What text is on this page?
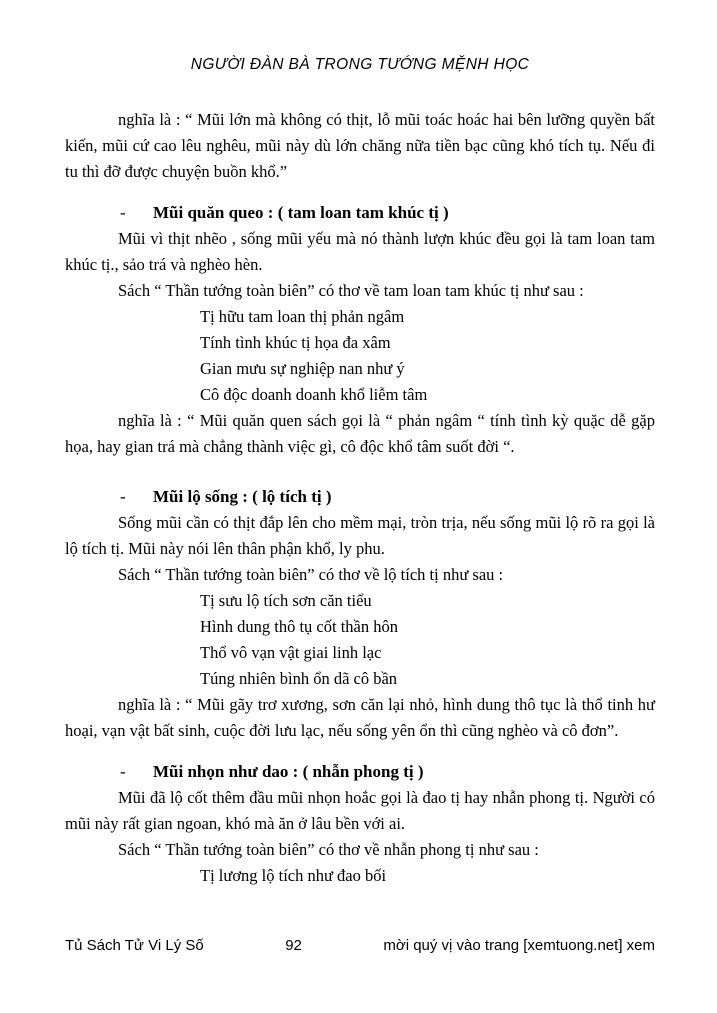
NGƯỜI ĐÀN BÀ TRONG TƯỚNG MỆNH HỌC

nghĩa là : “ Mũi lớn mà không có thịt, lỗ mũi toác hoác hai bên lưỡng quyền bất kiến, mũi cứ cao lêu nghêu, mũi này dù lớn chăng nữa tiền bạc cũng khó tích tụ. Nếu đi tu thì đỡ được chuyện buồn khổ.”

- Mũi quăn queo : ( tam loan tam khúc tị )

Mũi vì thịt nhẽo , sống mũi yếu mà nó thành lượn khúc đều gọi là tam loan tam khúc tị., sảo trá và nghèo hèn.

Sách “ Thần tướng toàn biên” có thơ về tam loan tam khúc tị như sau :

Tị hữu tam loan thị phản ngâm
Tính tình khúc tị họa đa xâm
Gian mưu sự nghiệp nan như ý
Cô độc doanh doanh khổ liễm tâm

nghĩa là : “ Mũi quăn quen sách gọi là “ phản ngâm “ tính tình kỳ quặc dễ gặp họa, hay gian trá mà chẳng thành việc gì, cô độc khổ tâm suốt đời “.

- Mũi lộ sống : ( lộ tích tị )

Sống mũi cần có thịt đắp lên cho mềm mại, tròn trịa, nếu sống mũi lộ rõ ra gọi là lộ tích tị. Mũi này nói lên thân phận khổ, ly phu.

Sách “ Thần tướng toàn biên” có thơ về lộ tích tị như sau :

Tị sưu lộ tích sơn căn tiểu
Hình dung thô tụ cốt thần hôn
Thổ vô vạn vật giai linh lạc
Túng nhiên bình ổn dã cô bần

nghĩa là : “ Mũi gãy trơ xương, sơn căn lại nhỏ, hình dung thô tục là thổ tinh hư hoại, vạn vật bất sinh, cuộc đời lưu lạc, nếu sống yên ổn thì cũng nghèo và cô đơn”.

- Mũi nhọn như dao : ( nhẫn phong tị )

Mũi đã lộ cốt thêm đầu mũi nhọn hoắc gọi là đao tị hay nhẫn phong tị. Người có mũi này rất gian ngoan, khó mà ăn ở lâu bền với ai.

Sách “ Thần tướng toàn biên” có thơ về nhẫn phong tị như sau :

Tị lương lộ tích như đao bối
Tủ Sách Tử Vi Lý Số	92	mời quý vị vào trang [xemtuong.net] xem
